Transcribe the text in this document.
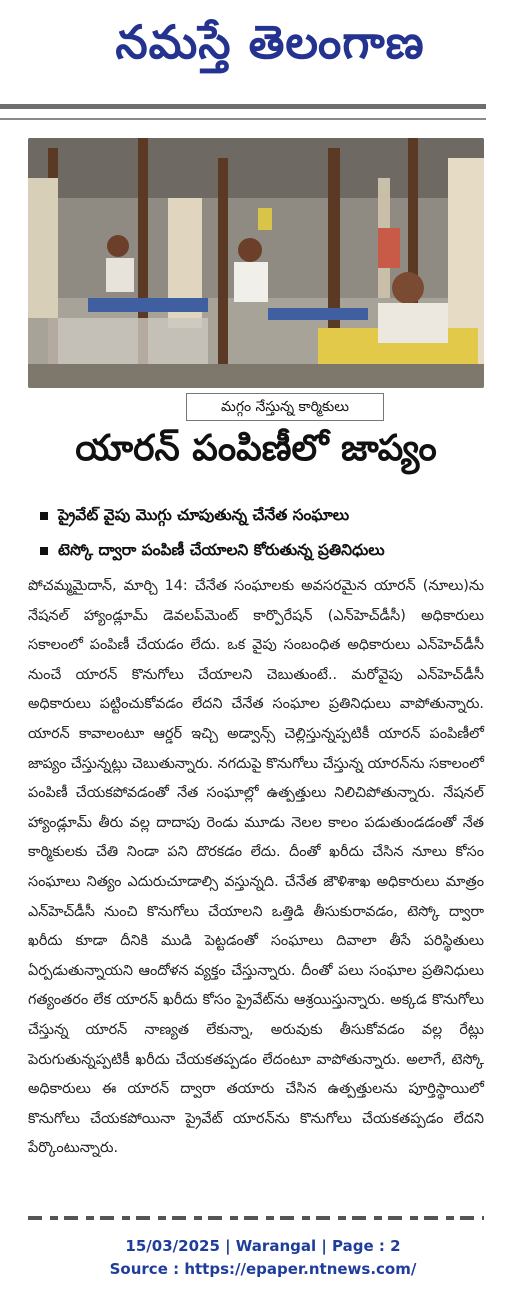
నమస్తే తెలంగాణ
మగ్గం నేస్తున్న కార్మికులు
యారన్ పంపిణీలో జాప్యం
ప్రైవేట్ వైపు మొగ్గు చూపుతున్న చేనేత సంఘాలు
టెస్కో ద్వారా పంపిణీ చేయాలని కోరుతున్న ప్రతినిధులు
పోచమ్మమైదాన్, మార్చి 14: చేనేత సంఘాలకు అవసరమైన యారన్ (నూలు)ను నేషనల్ హ్యాండ్లూమ్ డెవలప్‌మెంట్ కార్పొరేషన్ (ఎన్‌హెచ్‌డీసీ) అధికారులు సకాలంలో పంపిణీ చేయడం లేదు. ఒక వైపు సంబంధిత అధికారులు ఎన్‌హెచ్‌డీసీ నుంచే యారన్ కొనుగోలు చేయాలని చెబుతుంటే.. మరోవైపు ఎన్‌హెచ్‌డీసీ అధికారులు పట్టించుకోవడం లేదని చేనేత సంఘాల ప్రతినిధులు వాపోతున్నారు. యారన్ కావాలంటూ ఆర్డర్ ఇచ్చి అడ్వాన్స్ చెల్లిస్తున్నప్పటికీ యారన్ పంపిణీలో జాప్యం చేస్తున్నట్లు చెబుతున్నారు. నగదుపై కొనుగోలు చేస్తున్న యారన్‌ను సకాలంలో పంపిణీ చేయకపోవడంతో నేత సంఘాల్లో ఉత్పత్తులు నిలిచిపోతున్నారు. నేషనల్ హ్యాండ్లూమ్ తీరు వల్ల దాదాపు రెండు మూడు నెలల కాలం పడుతుండడంతో నేత కార్మికులకు చేతి నిండా పని దొరకడం లేదు. దీంతో ఖరీదు చేసిన నూలు కోసం సంఘాలు నిత్యం ఎదురుచూడాల్సి వస్తున్నది. చేనేత జౌళిశాఖ అధికారులు మాత్రం ఎన్‌హెచ్‌డీసీ నుంచి కొనుగోలు చేయాలని ఒత్తిడి తీసుకురావడం, టెస్కో ద్వారా ఖరీదు కూడా దీనికి ముడి పెట్టడంతో సంఘాలు దివాలా తీసే పరిస్థితులు ఏర్పడుతున్నాయని ఆందోళన వ్యక్తం చేస్తున్నారు. దీంతో పలు సంఘాల ప్రతినిధులు గత్యంతరం లేక యారన్ ఖరీదు కోసం ప్రైవేట్‌ను ఆశ్రయిస్తున్నారు. అక్కడ కొనుగోలు చేస్తున్న యారన్ నాణ్యత లేకున్నా, అరువుకు తీసుకోవడం వల్ల రేట్లు పెరుగుతున్నప్పటికీ ఖరీదు చేయకతప్పడం లేదంటూ వాపోతున్నారు. అలాగే, టెస్కో అధికారులు ఈ యారన్ ద్వారా తయారు చేసిన ఉత్పత్తులను పూర్తిస్థాయిలో కొనుగోలు చేయకపోయినా ప్రైవేట్ యారన్‌ను కొనుగోలు చేయకతప్పడం లేదని పేర్కొంటున్నారు.
15/03/2025 | Warangal | Page : 2
Source : https://epaper.ntnews.com/
